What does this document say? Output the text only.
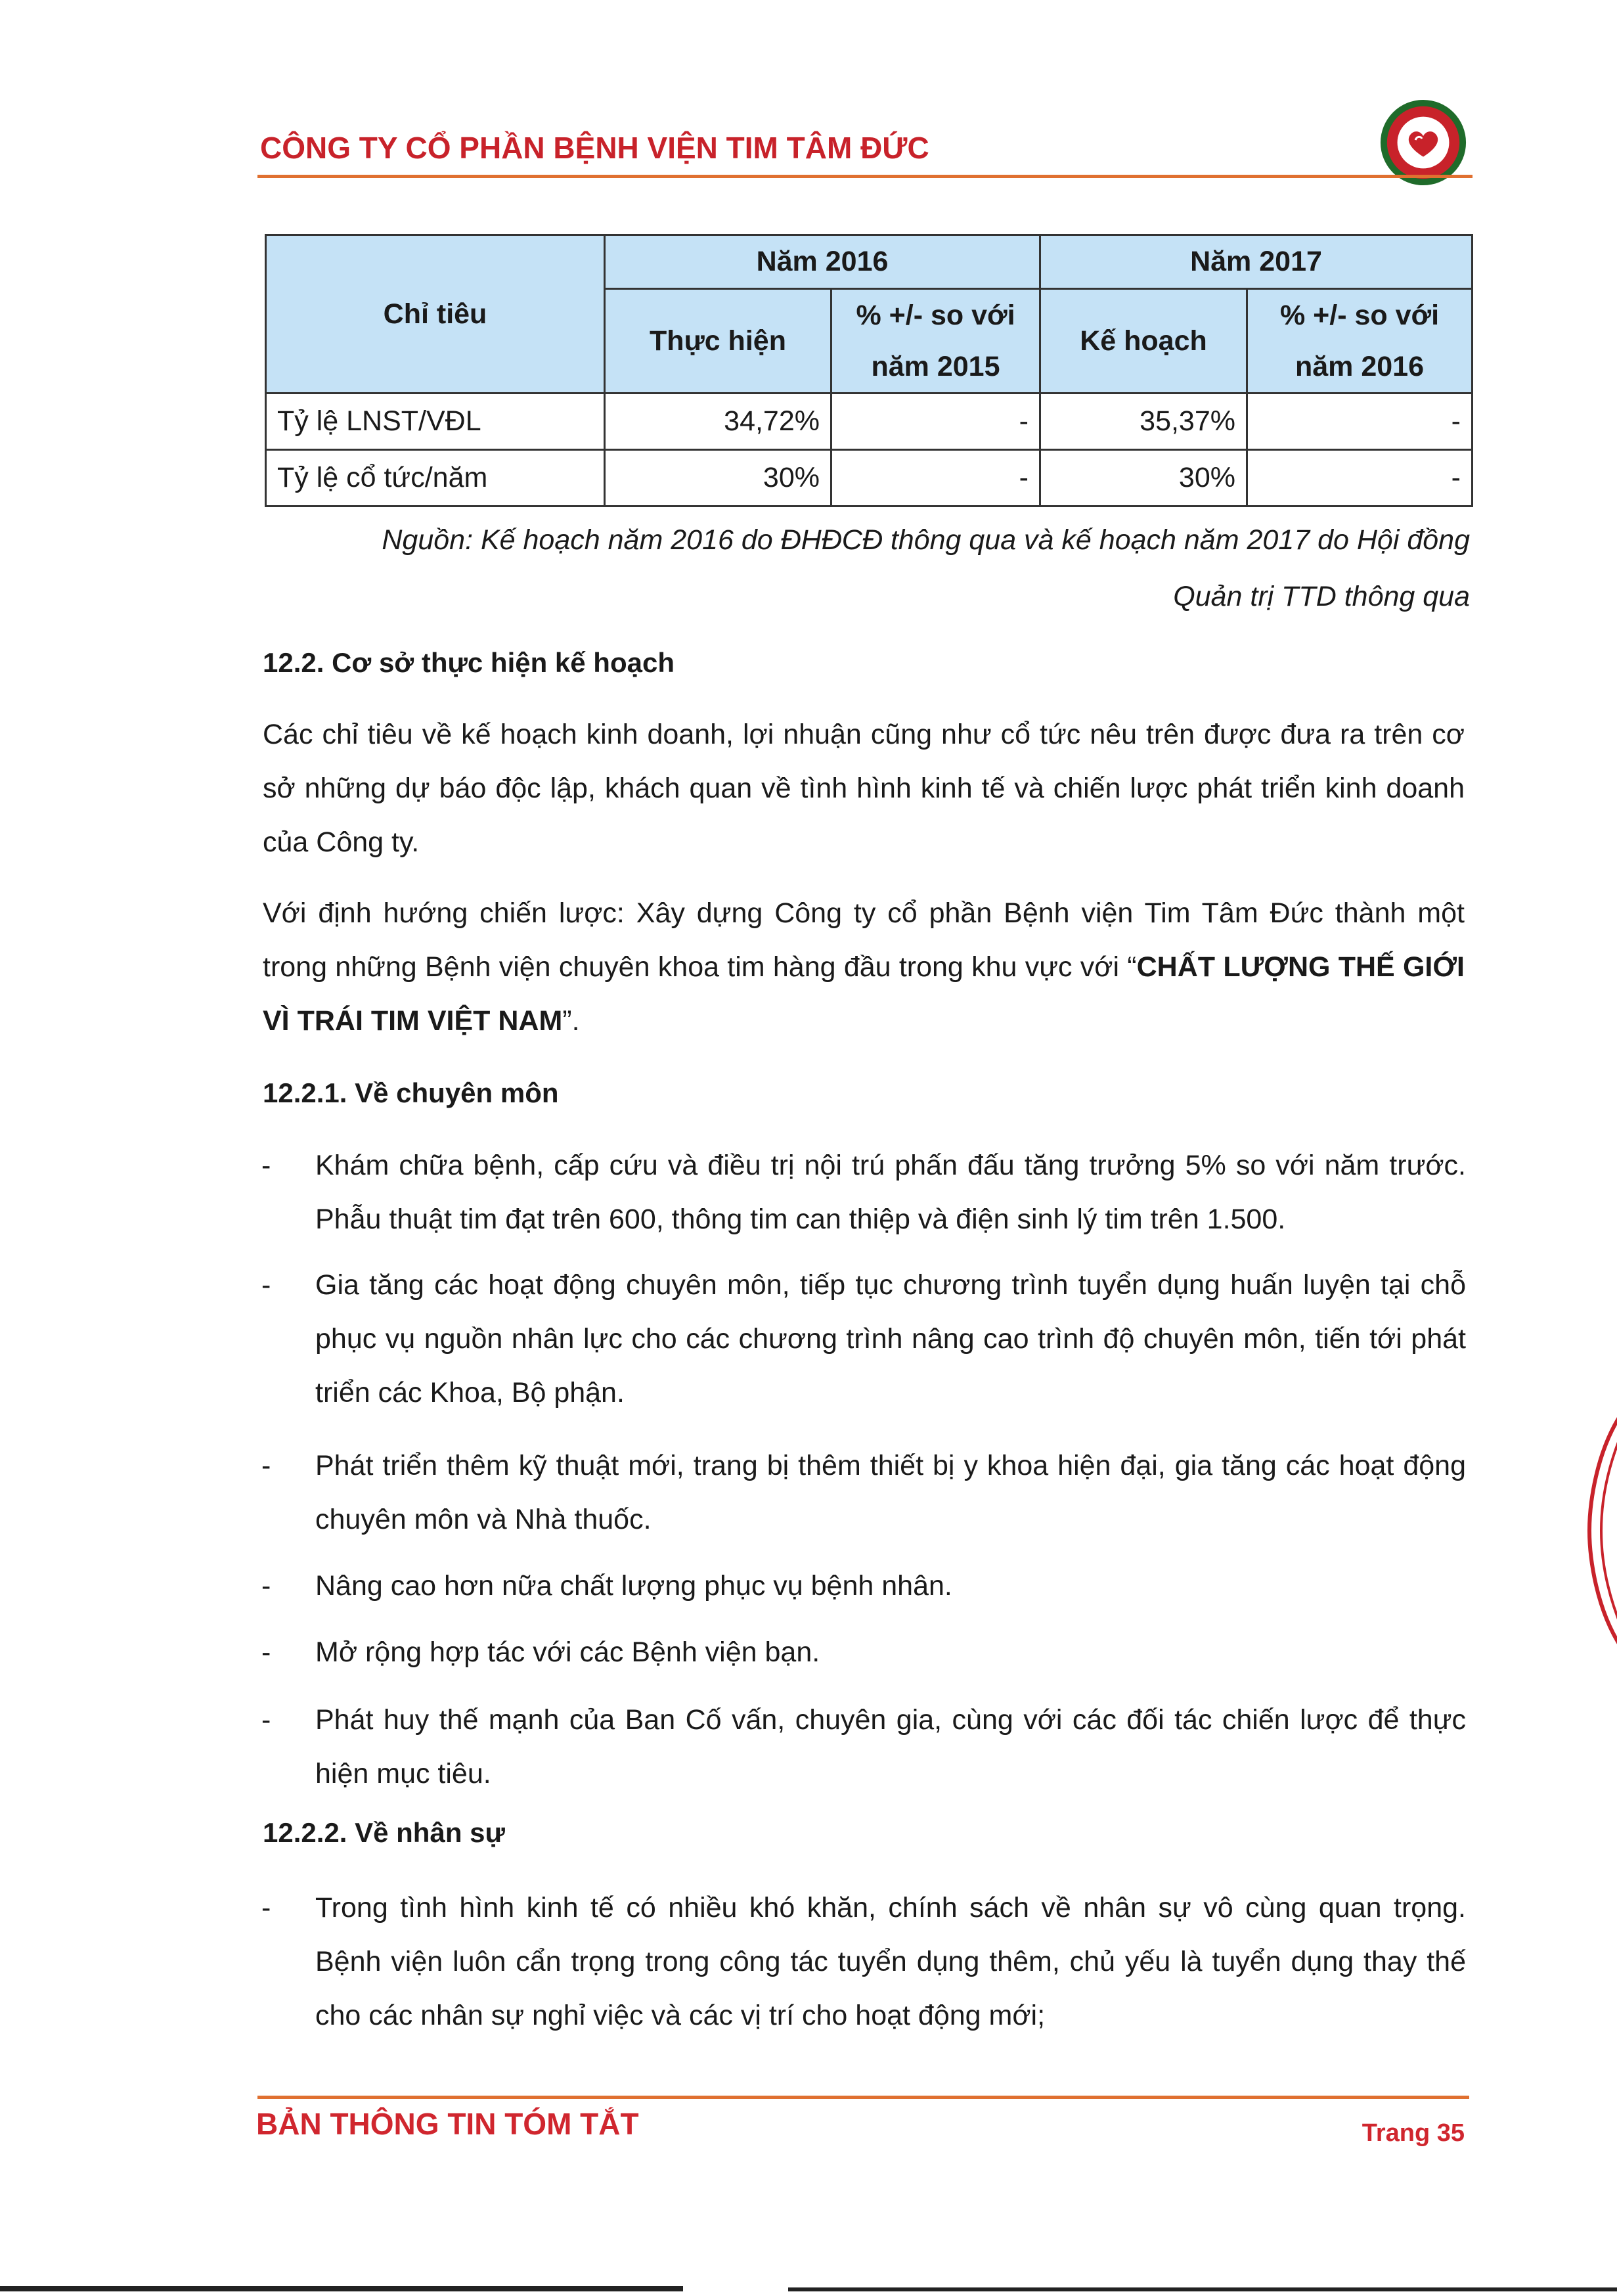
CÔNG TY CỔ PHẦN BỆNH VIỆN TIM TÂM ĐỨC
Chỉ tiêu	Năm 2016		Năm 2017	
	Thực hiện	% +/- so với năm 2015	Kế hoạch	% +/- so với năm 2016
Tỷ lệ LNST/VĐL	34,72%	-	35,37%	-
Tỷ lệ cổ tức/năm	30%	-	30%	-
Nguồn: Kế hoạch năm 2016 do ĐHĐCĐ thông qua và kế hoạch năm 2017 do Hội đồng
Quản trị TTD thông qua
12.2. Cơ sở thực hiện kế hoạch
Các chỉ tiêu về kế hoạch kinh doanh, lợi nhuận cũng như cổ tức nêu trên được đưa ra trên cơ sở những dự báo độc lập, khách quan về tình hình kinh tế và chiến lược phát triển kinh doanh của Công ty.
Với định hướng chiến lược: Xây dựng Công ty cổ phần Bệnh viện Tim Tâm Đức thành một trong những Bệnh viện chuyên khoa tim hàng đầu trong khu vực với “CHẤT LƯỢNG THẾ GIỚI VÌ TRÁI TIM VIỆT NAM”.
12.2.1. Về chuyên môn
-	Khám chữa bệnh, cấp cứu và điều trị nội trú phấn đấu tăng trưởng 5% so với năm trước. Phẫu thuật tim đạt trên 600, thông tim can thiệp và điện sinh lý tim trên 1.500.
-	Gia tăng các hoạt động chuyên môn, tiếp tục chương trình tuyển dụng huấn luyện tại chỗ phục vụ nguồn nhân lực cho các chương trình nâng cao trình độ chuyên môn, tiến tới phát triển các Khoa, Bộ phận.
-	Phát triển thêm kỹ thuật mới, trang bị thêm thiết bị y khoa hiện đại, gia tăng các hoạt động chuyên môn và Nhà thuốc.
-	Nâng cao hơn nữa chất lượng phục vụ bệnh nhân.
-	Mở rộng hợp tác với các Bệnh viện bạn.
-	Phát huy thế mạnh của Ban Cố vấn, chuyên gia, cùng với các đối tác chiến lược để thực hiện mục tiêu.
12.2.2. Về nhân sự
-	Trong tình hình kinh tế có nhiều khó khăn, chính sách về nhân sự vô cùng quan trọng. Bệnh viện luôn cẩn trọng trong công tác tuyển dụng thêm, chủ yếu là tuyển dụng thay thế cho các nhân sự nghỉ việc và các vị trí cho hoạt động mới;
BẢN THÔNG TIN TÓM TẮT	Trang 35
